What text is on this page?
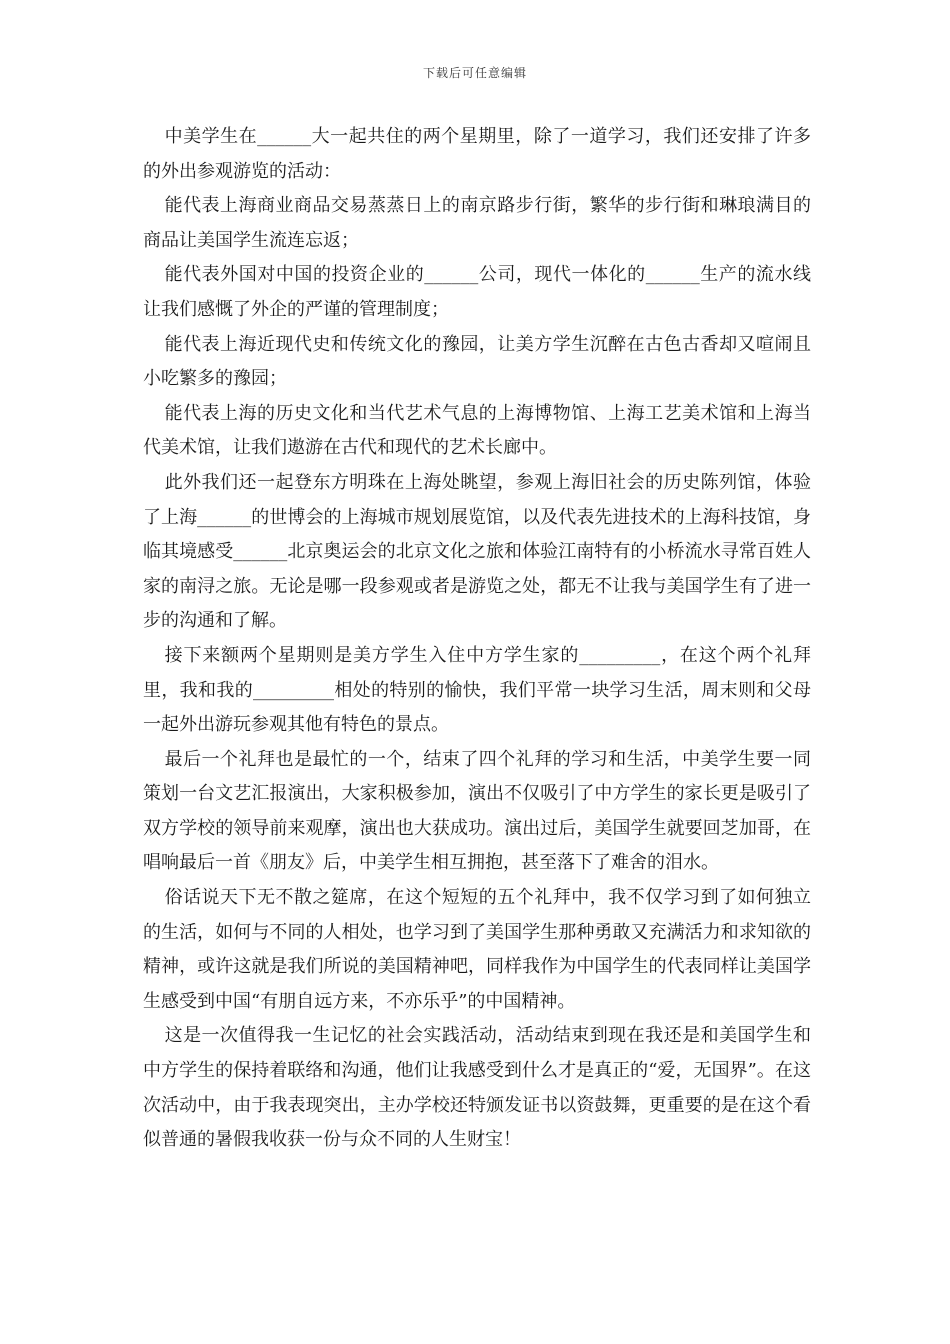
下载后可任意编辑

中美学生在______大一起共住的两个星期里，除了一道学习，我们还安排了许多的外出参观游览的活动：

能代表上海商业商品交易蒸蒸日上的南京路步行街，繁华的步行街和琳琅满目的商品让美国学生流连忘返；

能代表外国对中国的投资企业的______公司，现代一体化的______生产的流水线让我们感慨了外企的严谨的管理制度；

能代表上海近现代史和传统文化的豫园，让美方学生沉醉在古色古香却又喧闹且小吃繁多的豫园；

能代表上海的历史文化和当代艺术气息的上海博物馆、上海工艺美术馆和上海当代美术馆，让我们遨游在古代和现代的艺术长廊中。

此外我们还一起登东方明珠在上海处眺望，参观上海旧社会的历史陈列馆，体验了上海______的世博会的上海城市规划展览馆，以及代表先进技术的上海科技馆，身临其境感受______北京奥运会的北京文化之旅和体验江南特有的小桥流水寻常百姓人家的南浔之旅。无论是哪一段参观或者是游览之处，都无不让我与美国学生有了进一步的沟通和了解。

接下来额两个星期则是美方学生入住中方学生家的_________，在这个两个礼拜里，我和我的_________相处的特别的愉快，我们平常一块学习生活，周末则和父母一起外出游玩参观其他有特色的景点。

最后一个礼拜也是最忙的一个，结束了四个礼拜的学习和生活，中美学生要一同策划一台文艺汇报演出，大家积极参加，演出不仅吸引了中方学生的家长更是吸引了双方学校的领导前来观摩，演出也大获成功。演出过后，美国学生就要回芝加哥，在唱响最后一首《朋友》后，中美学生相互拥抱，甚至落下了难舍的泪水。

俗话说天下无不散之筵席，在这个短短的五个礼拜中，我不仅学习到了如何独立的生活，如何与不同的人相处，也学习到了美国学生那种勇敢又充满活力和求知欲的精神，或许这就是我们所说的美国精神吧，同样我作为中国学生的代表同样让美国学生感受到中国“有朋自远方来，不亦乐乎”的中国精神。

这是一次值得我一生记忆的社会实践活动，活动结束到现在我还是和美国学生和中方学生的保持着联络和沟通，他们让我感受到什么才是真正的“爱，无国界”。在这次活动中，由于我表现突出，主办学校还特颁发证书以资鼓舞，更重要的是在这个看似普通的暑假我收获一份与众不同的人生财宝！
